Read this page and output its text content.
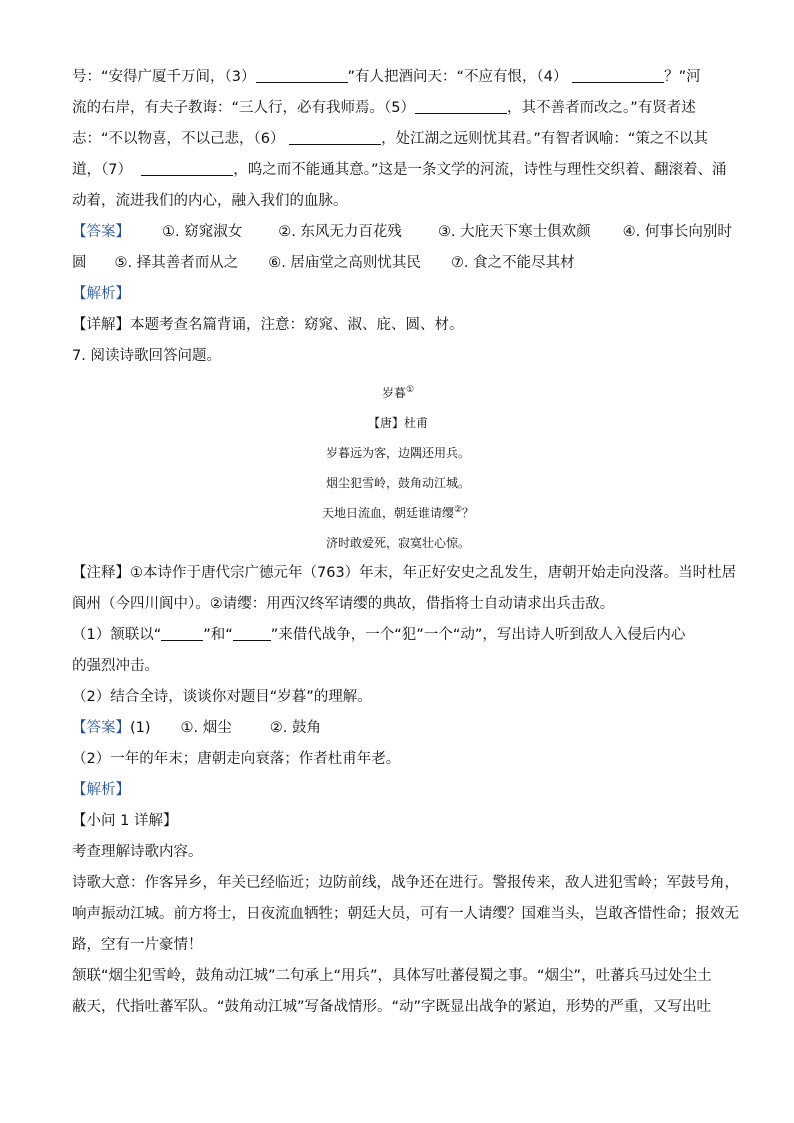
号：“安得广厦千万间，（3）	”有人把酒问天：“不应有恨，（4）	？”河

流的右岸，有夫子教诲：“三人行，必有我师焉。（5）	，其不善者而改之。”有贤者述

志：“不以物喜，不以己悲，（6）	，处江湖之远则忧其君。”有智者讽喻：“策之不以其

道，（7）	，呜之而不能通其意。”这是一条文学的河流，诗性与理性交织着、翻滚着、涌

动着，流进我们的内心，融入我们的血脉。

【答案】 ①. 窈窕淑女 ②. 东风无力百花残 ③. 大庇天下寒士俱欢颜 ④. 何事长向别时
圆 ⑤. 择其善者而从之 ⑥. 居庙堂之高则忧其民 ⑦. 食之不能尽其材

【解析】

【详解】本题考查名篇背诵，注意：窈窕、淑、庇、圆、材。

7. 阅读诗歌回答问题。

岁暮①

【唐】杜甫

岁暮远为客，边隅还用兵。

烟尘犯雪岭，鼓角动江城。

天地日流血，朝廷谁请缨②？

济时敢爱死，寂寞壮心惊。

【注释】①本诗作于唐代宗广德元年（763）年末，年正好安史之乱发生，唐朝开始走向没落。当时杜居

阆州（今四川阆中）。②请缨：用西汉终军请缨的典故，借指将士自动请求出兵击敌。

（1）颔联以“	”和“	”来借代战争，一个“犯”一个“动”，写出诗人听到敌人入侵后内心

的强烈冲击。

（2）结合全诗，谈谈你对题目“岁暮”的理解。

【答案】 (1) ①. 烟尘	②. 鼓角

（2）一年的年末；唐朝走向衰落；作者杜甫年老。

【解析】

【小问 1 详解】

考查理解诗歌内容。

诗歌大意：作客异乡，年关已经临近；边防前线，战争还在进行。警报传来，敌人进犯雪岭；军鼓号角，

响声振动江城。前方将士，日夜流血牺牲；朝廷大员，可有一人请缨？国难当头，岂敢吝惜性命；报效无

路，空有一片豪情！

颔联“烟尘犯雪岭，鼓角动江城”二句承上“用兵”，具体写吐蕃侵蜀之事。“烟尘”，吐蕃兵马过处尘土

蔽天，代指吐蕃军队。“鼓角动江城”写备战情形。“动”字既显出战争的紧迫，形势的严重，又写出吐
